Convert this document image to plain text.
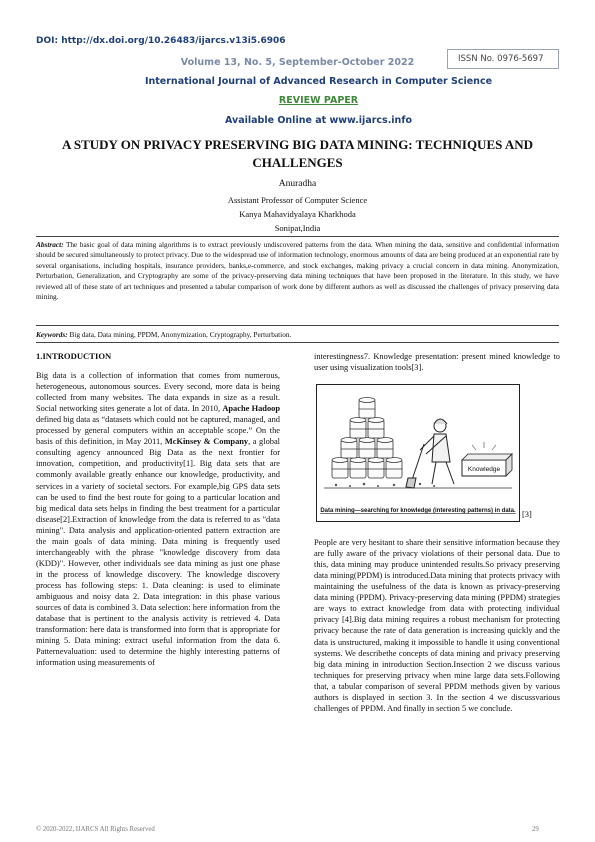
DOI: http://dx.doi.org/10.26483/ijarcs.v13i5.6906
Volume 13, No. 5, September-October 2022	ISSN No. 0976-5697
International Journal of Advanced Research in Computer Science
REVIEW PAPER
Available Online at www.ijarcs.info
A STUDY ON PRIVACY PRESERVING BIG DATA MINING: TECHNIQUES AND CHALLENGES
Anuradha
Assistant Professor of Computer Science
Kanya Mahavidyalaya Kharkhoda
Sonipat,India
Abstract: The basic goal of data mining algorithms is to extract previously undiscovered patterns from the data. When mining the data, sensitive and confidential information should be secured simultaneously to protect privacy. Due to the widespread use of information technology, enormous amounts of data are being produced at an exponential rate by several organisations, including hospitals, insurance providers, banks,e-commerce, and stock exchanges, making privacy a crucial concern in data mining. Anonymization, Perturbation, Generalization, and Cryptography are some of the privacy-preserving data mining techniques that have been proposed in the literature. In this study, we have reviewed all of these state of art techniques and presented a tabular comparison of work done by different authors as well as discussed the challenges of privacy preserving data mining.
Keywords: Big data, Data mining, PPDM, Anonymization, Cryptography, Perturbation.
1.INTRODUCTION

Big data is a collection of information that comes from numerous, heterogeneous, autonomous sources. Every second, more data is being collected from many websites. The data expands in size as a result. Social networking sites generate a lot of data. In 2010, Apache Hadoop defined big data as “datasets which could not be captured, managed, and processed by general computers within an acceptable scope.” On the basis of this definition, in May 2011, McKinsey & Company, a global consulting agency announced Big Data as the next frontier for innovation, competition, and productivity[1]. Big data sets that are commonly available greatly enhance our knowledge, productivity, and services in a variety of societal sectors. For example,big GPS data sets can be used to find the best route for going to a particular location and big medical data sets helps in finding the best treatment for a particular disease[2].Extraction of knowledge from the data is referred to as "data mining". Data analysis and application-oriented pattern extraction are the main goals of data mining. Data mining is frequently used interchangeably with the phrase "knowledge discovery from data (KDD)". However, other individuals see data mining as just one phase in the process of knowledge discovery. The knowledge discovery process has following steps: 1. Data cleaning: is used to eliminate ambiguous and noisy data 2. Data integration: in this phase various sources of data is combined 3. Data selection: here information from the database that is pertinent to the analysis activity is retrieved 4. Data transformation: here data is transformed into form that is appropriate for mining 5. Data mining: extract useful information from the data 6. Patternevaluation: used to determine the highly interesting patterns of information using measurements of

interestingness7. Knowledge presentation: present mined knowledge to user using visualization tools[3].

People are very hesitant to share their sensitive information because they are fully aware of the privacy violations of their personal data. Due to this, data mining may produce unintended results.So privacy preserving data mining(PPDM) is introduced.Data mining that protects privacy with maintaining the usefulness of the data is known as privacy-preserving data mining (PPDM). Privacy-preserving data mining (PPDM) strategies are ways to extract knowledge from data with protecting individual privacy [4].Big data mining requires a robust mechanism for protecting privacy because the rate of data generation is increasing quickly and the data is unstructured, making it impossible to handle it using conventional systems. We describethe concepts of data mining and privacy preserving big data mining in introduction Section.Insection 2 we discuss various techniques for preserving privacy when mine large data sets.Following that, a tabular comparison of several PPDM methods given by various authors is displayed in section 3. In the section 4 we discussvarious challenges of PPDM. And finally in section 5 we conclude.

Knowledge
Data mining—searching for knowledge (interesting patterns) in data. [3]
© 2020-2022, IJARCS All Rights Reserved	29
